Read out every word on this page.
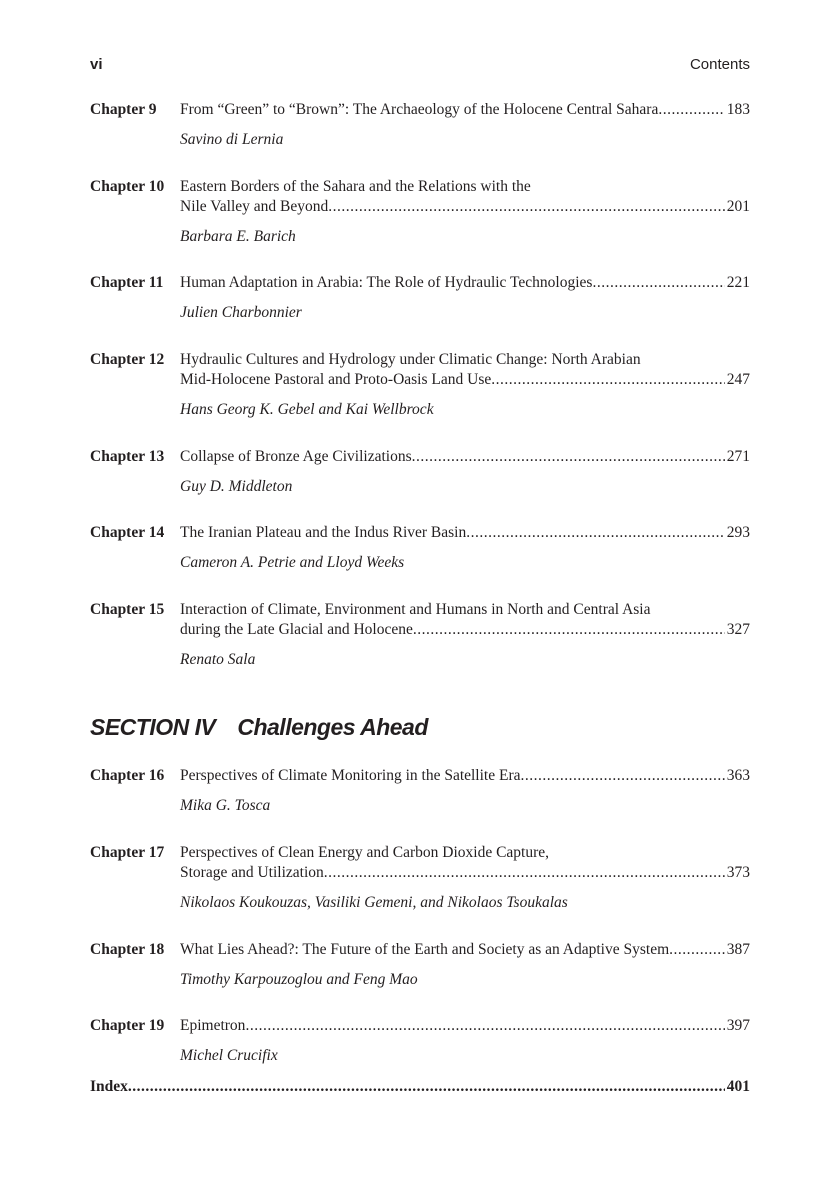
vi	Contents
Chapter 9	From “Green” to “Brown”: The Archaeology of the Holocene Central Sahara .....	183
Savino di Lernia
Chapter 10	Eastern Borders of the Sahara and the Relations with the
Nile Valley and Beyond .....	201
Barbara E. Barich
Chapter 11	Human Adaptation in Arabia: The Role of Hydraulic Technologies .....	221
Julien Charbonnier
Chapter 12	Hydraulic Cultures and Hydrology under Climatic Change: North Arabian
Mid-Holocene Pastoral and Proto-Oasis Land Use .....	247
Hans Georg K. Gebel and Kai Wellbrock
Chapter 13	Collapse of Bronze Age Civilizations .....	271
Guy D. Middleton
Chapter 14	The Iranian Plateau and the Indus River Basin .....	293
Cameron A. Petrie and Lloyd Weeks
Chapter 15	Interaction of Climate, Environment and Humans in North and Central Asia
during the Late Glacial and Holocene .....	327
Renato Sala
SECTION IV Challenges Ahead
Chapter 16	Perspectives of Climate Monitoring in the Satellite Era .....	363
Mika G. Tosca
Chapter 17	Perspectives of Clean Energy and Carbon Dioxide Capture,
Storage and Utilization .....	373
Nikolaos Koukouzas, Vasiliki Gemeni, and Nikolaos Tsoukalas
Chapter 18	What Lies Ahead?: The Future of the Earth and Society as an Adaptive System .....	387
Timothy Karpouzoglou and Feng Mao
Chapter 19	Epimetron .....	397
Michel Crucifix
Index .....	401
